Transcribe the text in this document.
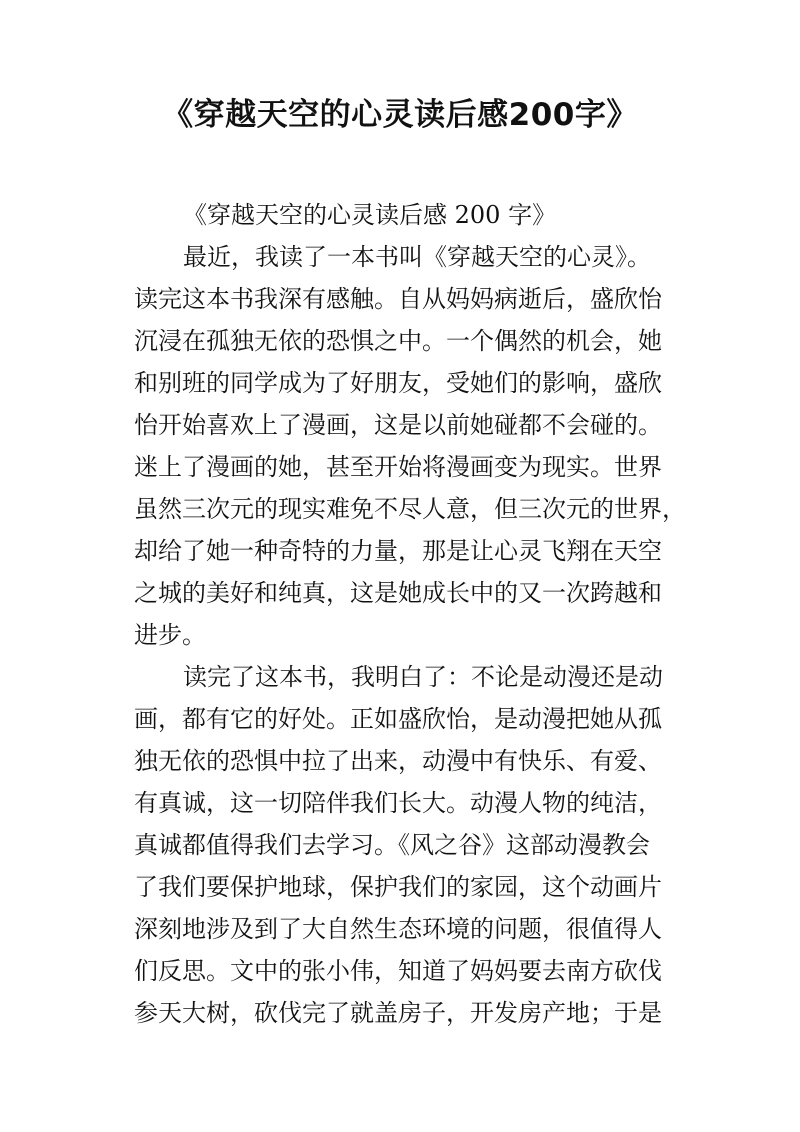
《穿越天空的心灵读后感200字》
《穿越天空的心灵读后感 200 字》
最近，我读了一本书叫《穿越天空的心灵》。
读完这本书我深有感触。自从妈妈病逝后，盛欣怡
沉浸在孤独无依的恐惧之中。一个偶然的机会，她
和别班的同学成为了好朋友，受她们的影响，盛欣
怡开始喜欢上了漫画，这是以前她碰都不会碰的。
迷上了漫画的她，甚至开始将漫画变为现实。世界
虽然三次元的现实难免不尽人意，但三次元的世界，
却给了她一种奇特的力量，那是让心灵飞翔在天空
之城的美好和纯真，这是她成长中的又一次跨越和
进步。
读完了这本书，我明白了：不论是动漫还是动
画，都有它的好处。正如盛欣怡，是动漫把她从孤
独无依的恐惧中拉了出来，动漫中有快乐、有爱、
有真诚，这一切陪伴我们长大。动漫人物的纯洁，
真诚都值得我们去学习。《风之谷》这部动漫教会
了我们要保护地球，保护我们的家园，这个动画片
深刻地涉及到了大自然生态环境的问题，很值得人
们反思。文中的张小伟，知道了妈妈要去南方砍伐
参天大树，砍伐完了就盖房子，开发房产地；于是
